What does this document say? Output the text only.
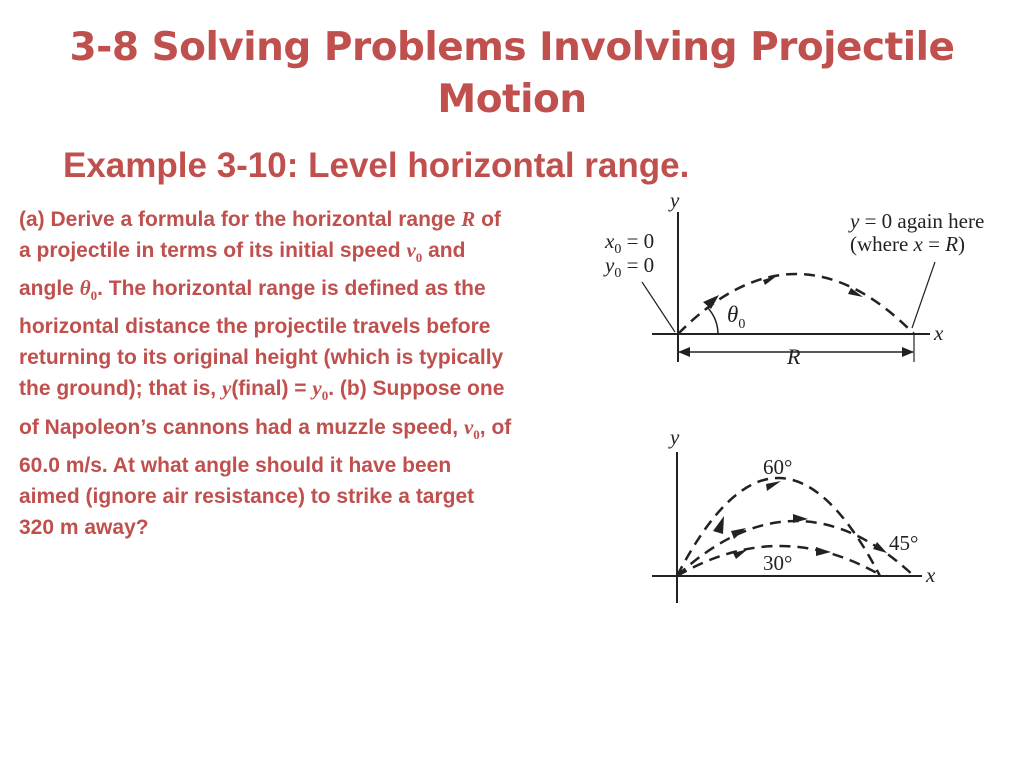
3-8 Solving Problems Involving Projectile Motion
Example 3-10: Level horizontal range.
(a) Derive a formula for the horizontal range R of
a projectile in terms of its initial speed $v_0$ and
angle $\theta_0$. The horizontal range is defined as the
horizontal distance the projectile travels before
returning to its original height (which is typically
the ground); that is, y(final) = $y_0$. (b) Suppose one
of Napoleon’s cannons had a muzzle speed, $v_0$, of
60.0 m/s. At what angle should it have been
aimed (ignore air resistance) to strike a target
320 m away?
y
x
$x_0 = 0$
$y_0 = 0$
$\theta_0$
R
y = 0 again here
(where x = R)
y
x
60°
45°
30°
